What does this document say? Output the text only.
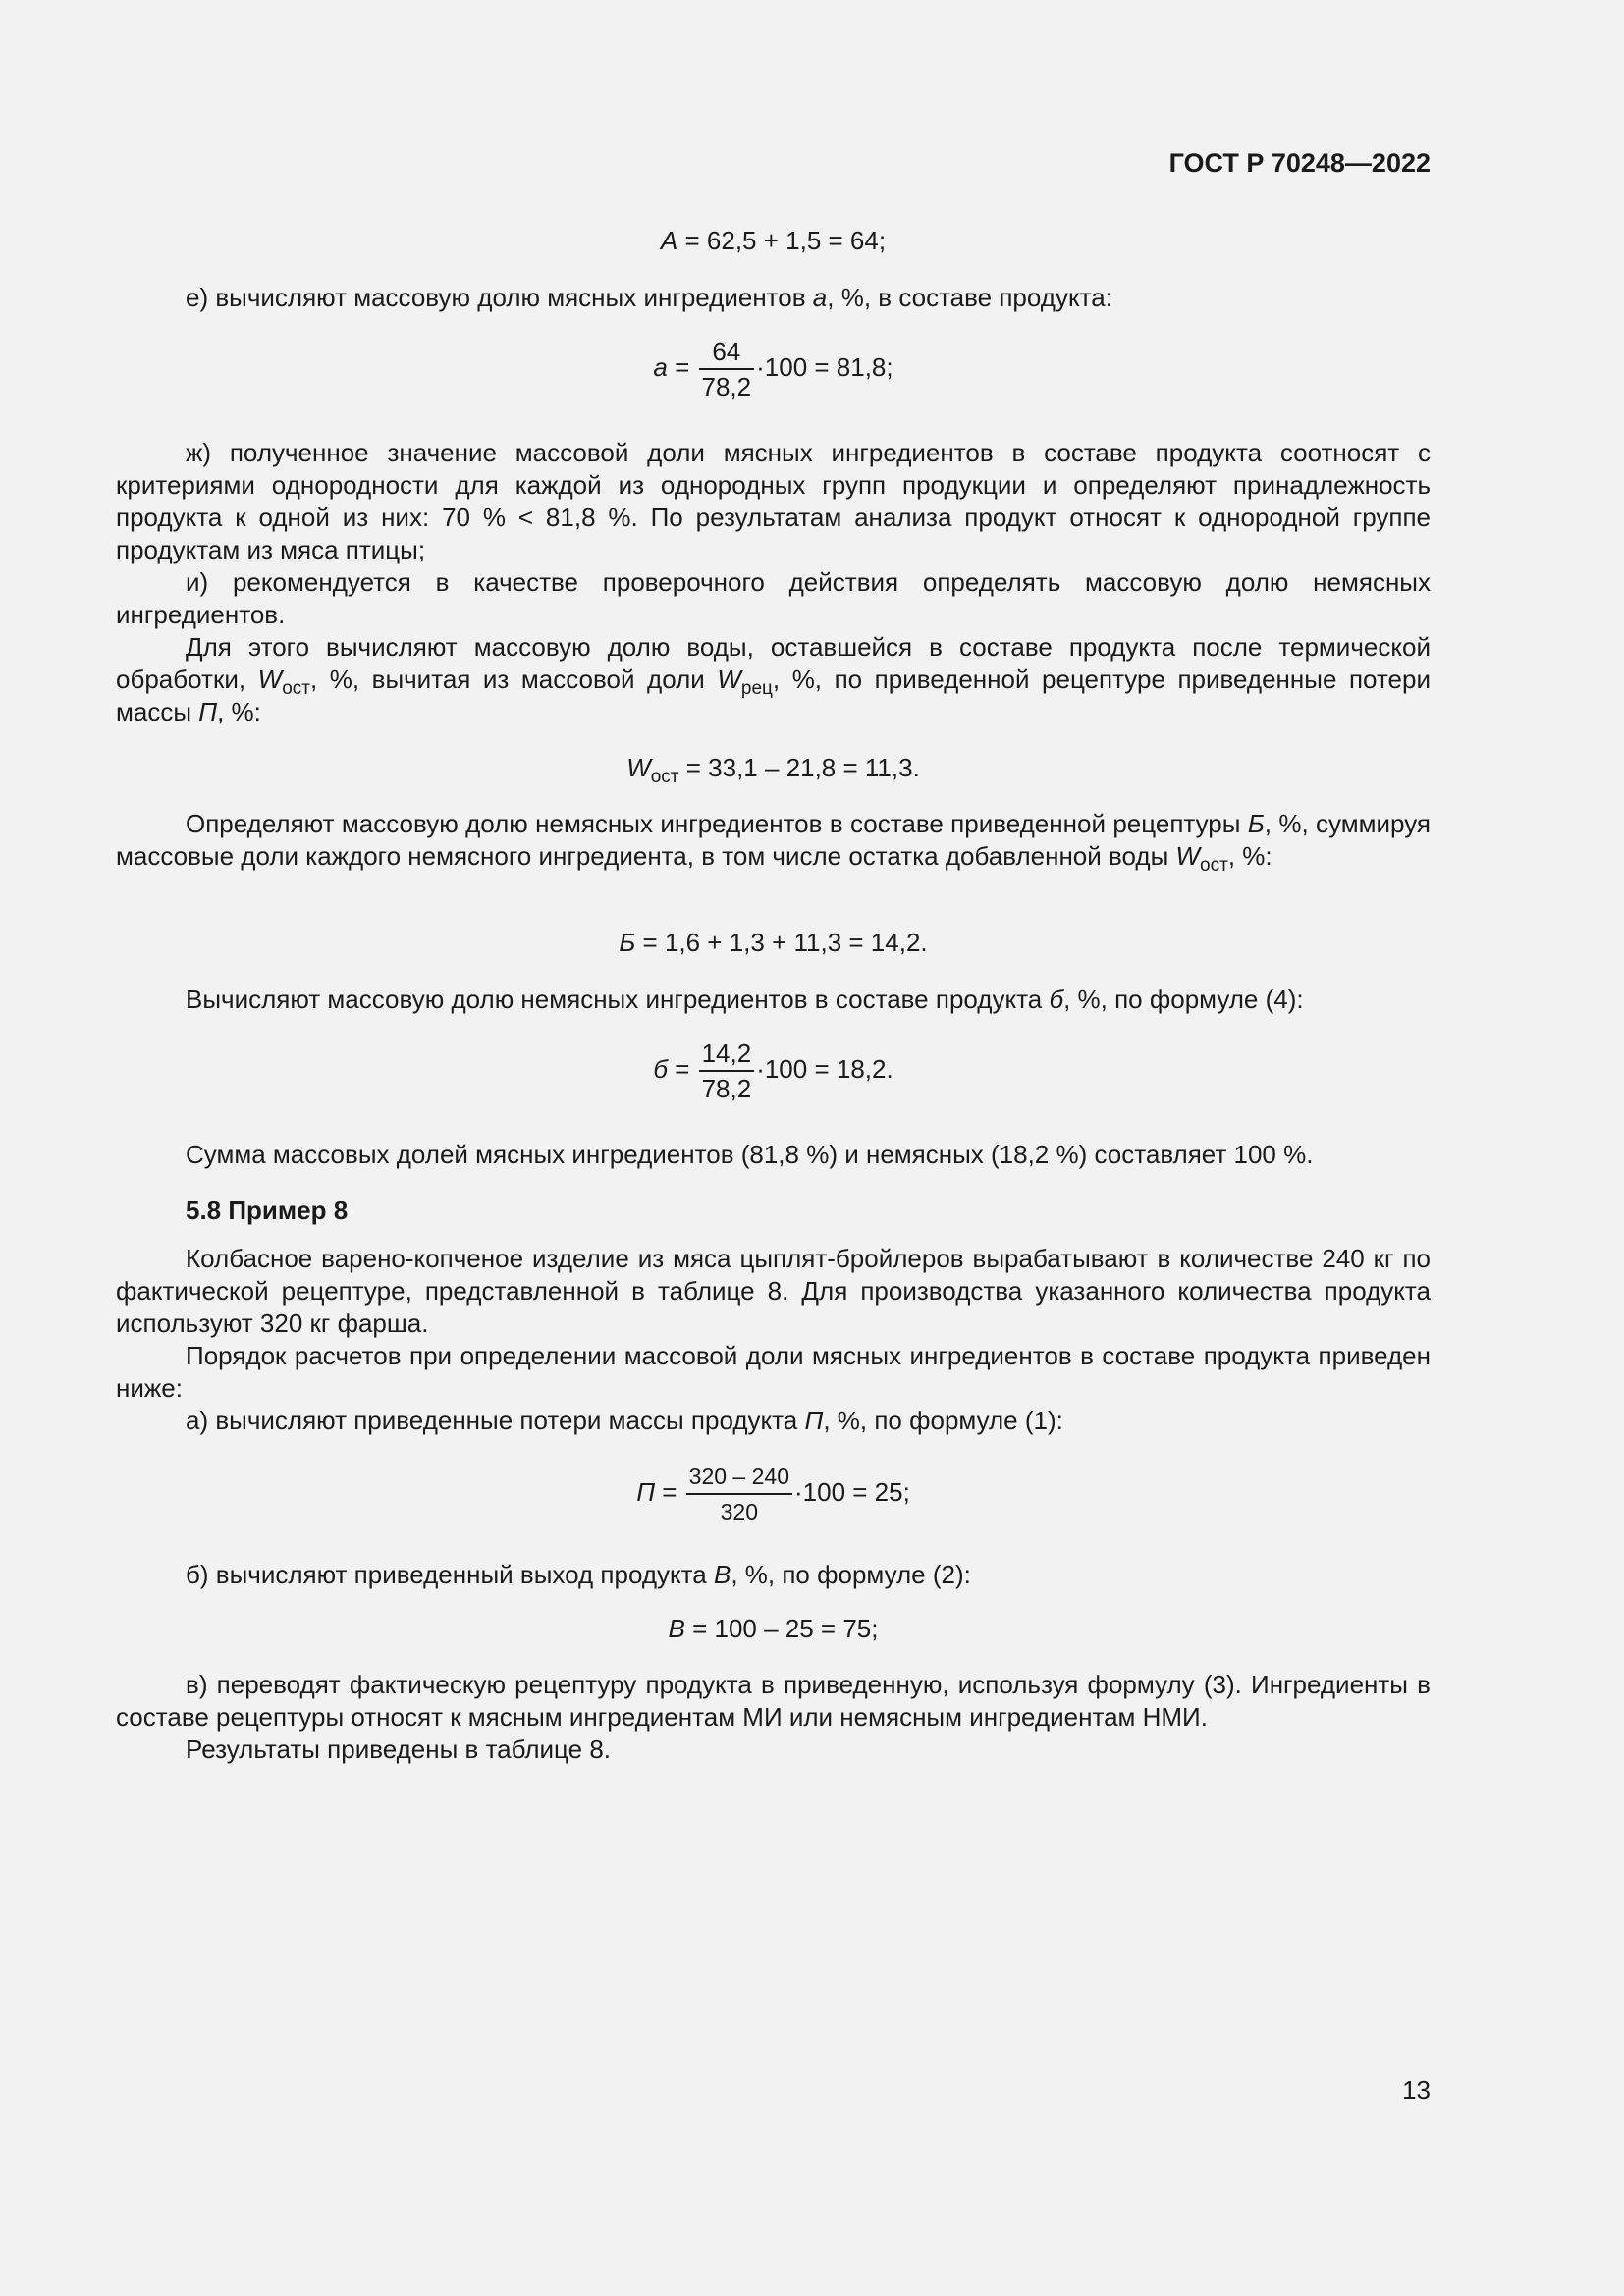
ГОСТ Р 70248—2022
A = 62,5 + 1,5 = 64;
е) вычисляют массовую долю мясных ингредиентов a, %, в составе продукта:
$a = \frac{64}{78,2} \cdot 100 = 81,8$;
ж) полученное значение массовой доли мясных ингредиентов в составе продукта соотносят с критериями однородности для каждой из однородных групп продукции и определяют принадлежность продукта к одной из них: 70 % < 81,8 %. По результатам анализа продукт относят к однородной группе продуктам из мяса птицы;
и) рекомендуется в качестве проверочного действия определять массовую долю немясных ингредиентов.
Для этого вычисляют массовую долю воды, оставшейся в составе продукта после термической обработки, $W_{ост}$, %, вычитая из массовой доли $W_{рец}$, %, по приведенной рецептуре приведенные потери массы П, %:
$W_{ост} = 33,1 - 21,8 = 11,3$.
Определяют массовую долю немясных ингредиентов в составе приведенной рецептуры Б, %, суммируя массовые доли каждого немясного ингредиента, в том числе остатка добавленной воды $W_{ост}$, %:
Б = 1,6 + 1,3 + 11,3 = 14,2.
Вычисляют массовую долю немясных ингредиентов в составе продукта б, %, по формуле (4):
$б = \frac{14,2}{78,2} \cdot 100 = 18,2$.
Сумма массовых долей мясных ингредиентов (81,8 %) и немясных (18,2 %) составляет 100 %.
5.8 Пример 8
Колбасное варено-копченое изделие из мяса цыплят-бройлеров вырабатывают в количестве 240 кг по фактической рецептуре, представленной в таблице 8. Для производства указанного количества продукта используют 320 кг фарша.
Порядок расчетов при определении массовой доли мясных ингредиентов в составе продукта приведен ниже:
а) вычисляют приведенные потери массы продукта П, %, по формуле (1):
$П = \frac{320 - 240}{320} \cdot 100 = 25$;
б) вычисляют приведенный выход продукта В, %, по формуле (2):
В = 100 – 25 = 75;
в) переводят фактическую рецептуру продукта в приведенную, используя формулу (3). Ингредиенты в составе рецептуры относят к мясным ингредиентам МИ или немясным ингредиентам НМИ.
Результаты приведены в таблице 8.
13
